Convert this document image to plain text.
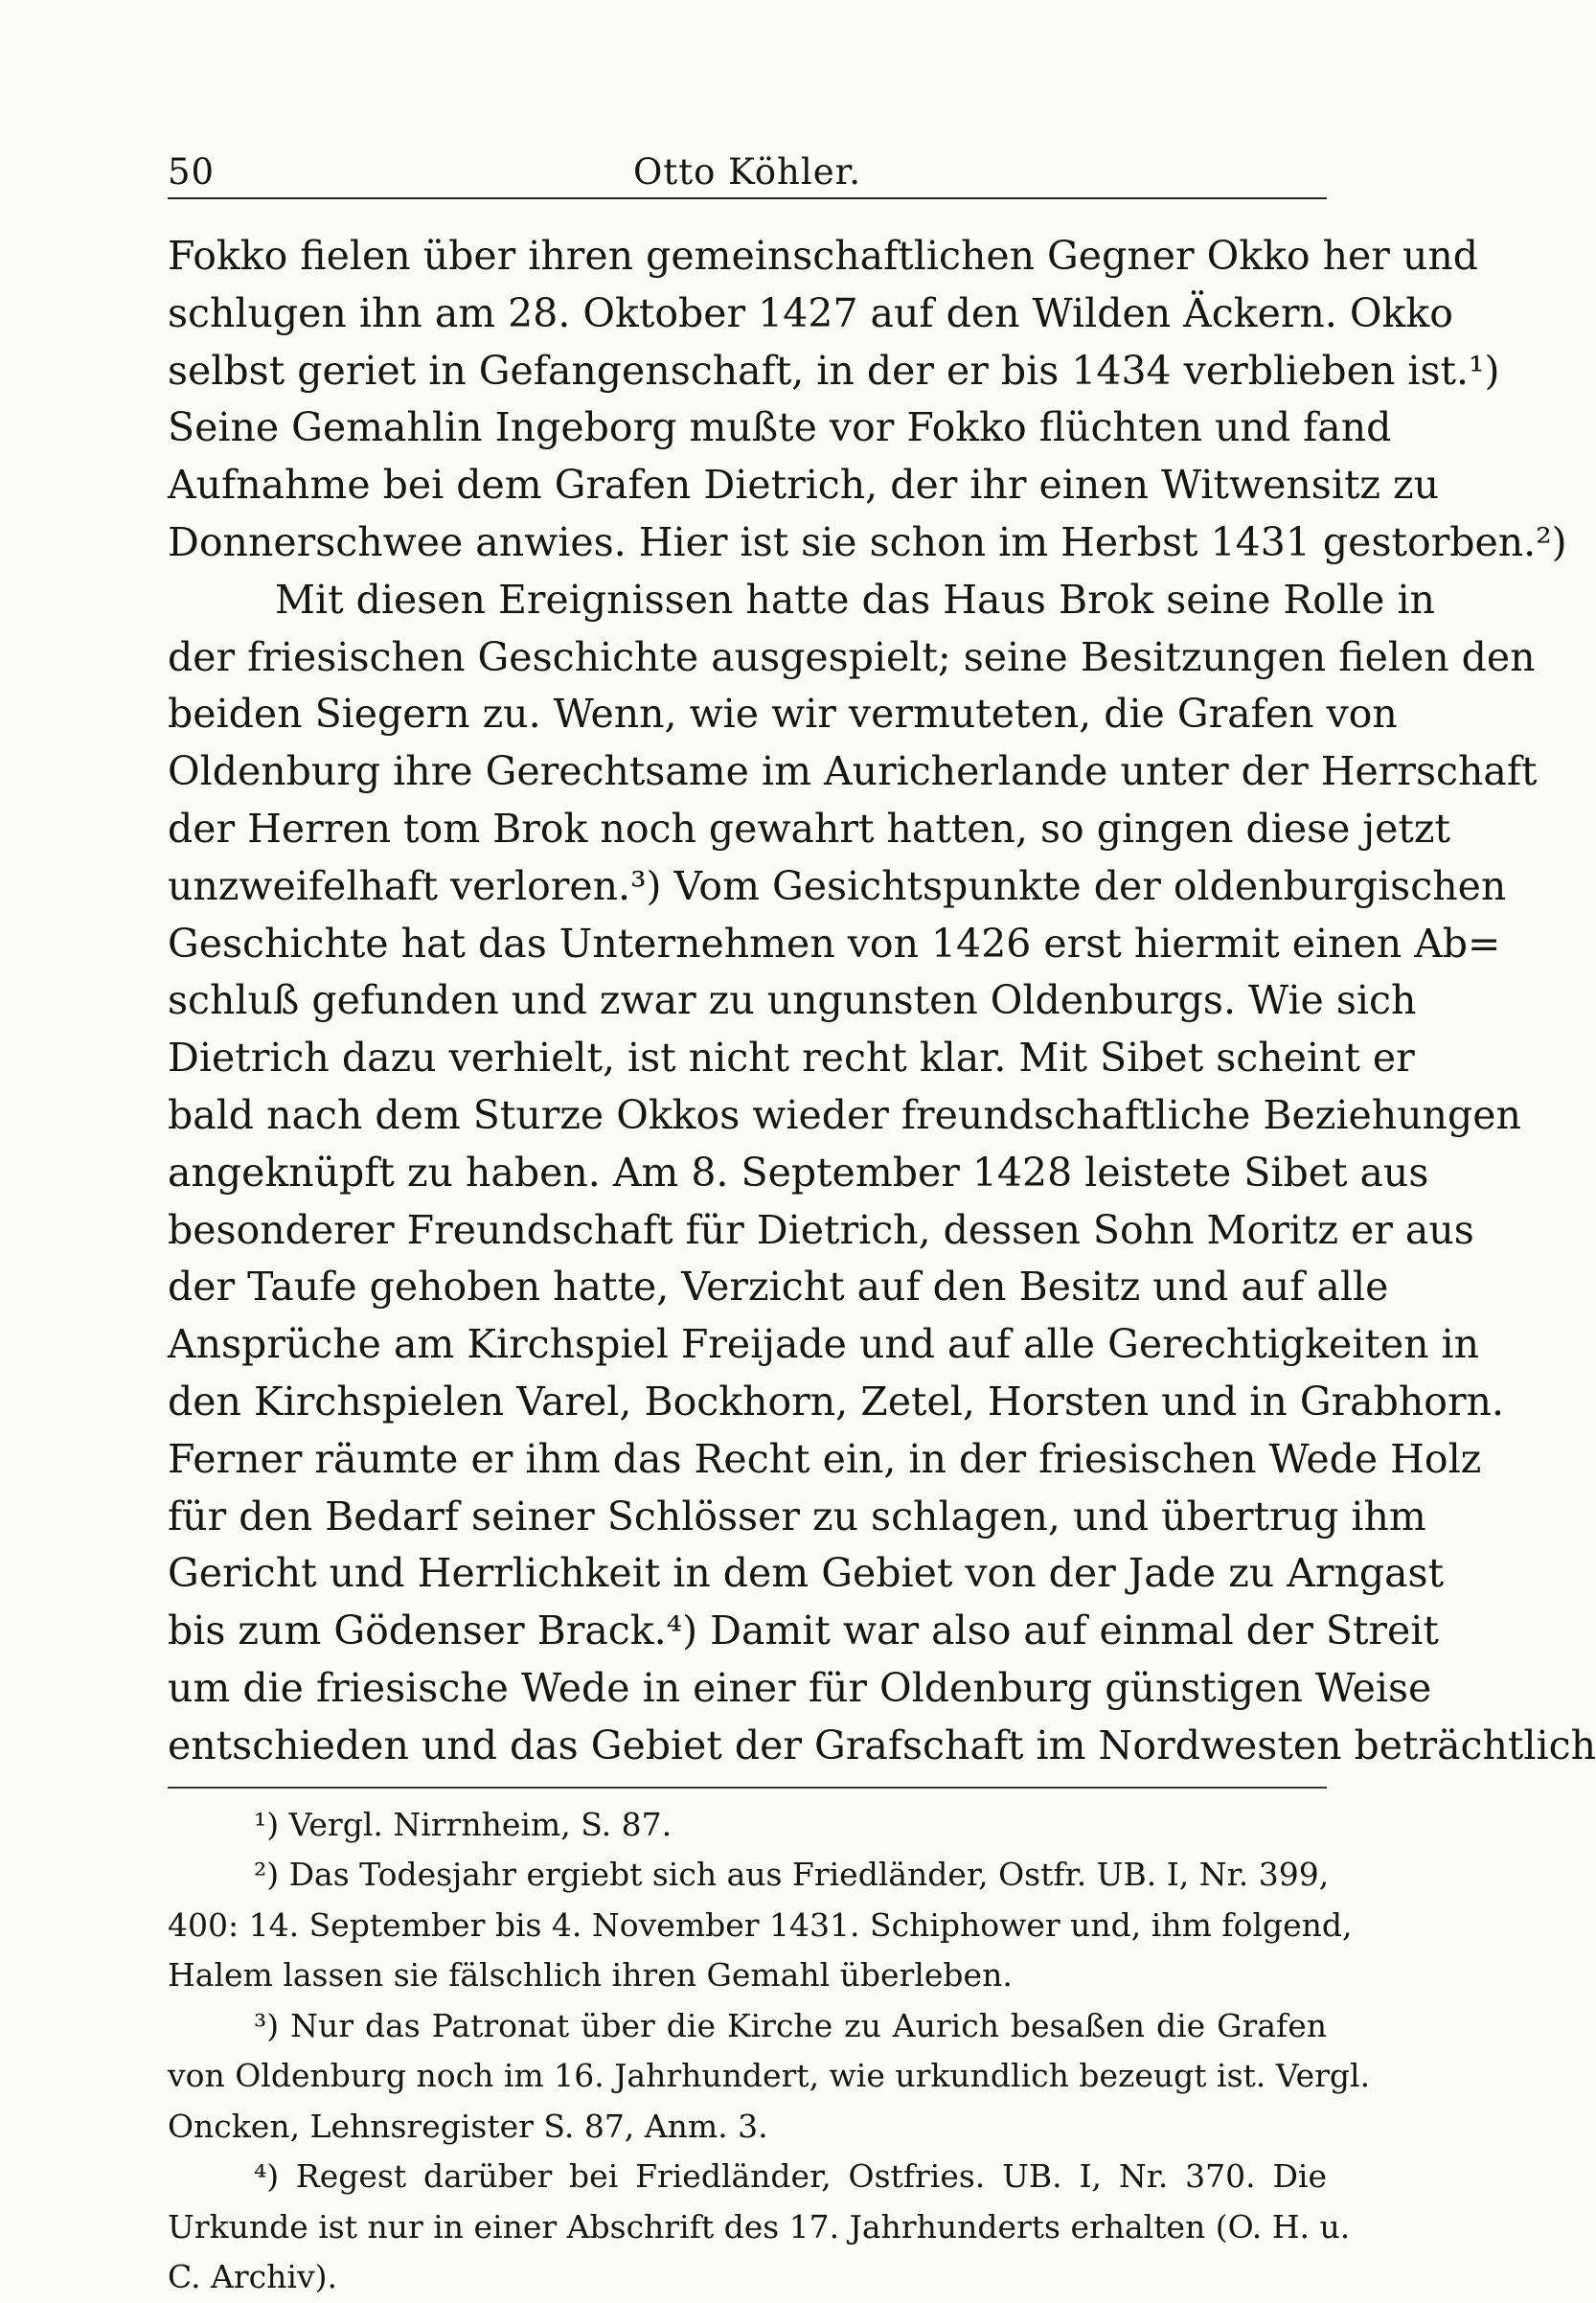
50	Otto Köhler.
Fokko fielen über ihren gemeinschaftlichen Gegner Okko her und
schlugen ihn am 28. Oktober 1427 auf den Wilden Äckern. Okko
selbst geriet in Gefangenschaft, in der er bis 1434 verblieben ist.¹)
Seine Gemahlin Ingeborg mußte vor Fokko flüchten und fand
Aufnahme bei dem Grafen Dietrich, der ihr einen Witwensitz zu
Donnerschwee anwies. Hier ist sie schon im Herbst 1431 gestorben.²)
Mit diesen Ereignissen hatte das Haus Brok seine Rolle in
der friesischen Geschichte ausgespielt; seine Besitzungen fielen den
beiden Siegern zu. Wenn, wie wir vermuteten, die Grafen von
Oldenburg ihre Gerechtsame im Auricherlande unter der Herrschaft
der Herren tom Brok noch gewahrt hatten, so gingen diese jetzt
unzweifelhaft verloren.³) Vom Gesichtspunkte der oldenburgischen
Geschichte hat das Unternehmen von 1426 erst hiermit einen Ab=
schluß gefunden und zwar zu ungunsten Oldenburgs. Wie sich
Dietrich dazu verhielt, ist nicht recht klar. Mit Sibet scheint er
bald nach dem Sturze Okkos wieder freundschaftliche Beziehungen
angeknüpft zu haben. Am 8. September 1428 leistete Sibet aus
besonderer Freundschaft für Dietrich, dessen Sohn Moritz er aus
der Taufe gehoben hatte, Verzicht auf den Besitz und auf alle
Ansprüche am Kirchspiel Freijade und auf alle Gerechtigkeiten in
den Kirchspielen Varel, Bockhorn, Zetel, Horsten und in Grabhorn.
Ferner räumte er ihm das Recht ein, in der friesischen Wede Holz
für den Bedarf seiner Schlösser zu schlagen, und übertrug ihm
Gericht und Herrlichkeit in dem Gebiet von der Jade zu Arngast
bis zum Gödenser Brack.⁴) Damit war also auf einmal der Streit
um die friesische Wede in einer für Oldenburg günstigen Weise
entschieden und das Gebiet der Grafschaft im Nordwesten beträchtlich
¹) Vergl. Nirrnheim, S. 87.
²) Das Todesjahr ergiebt sich aus Friedländer, Ostfr. UB. I, Nr. 399,
400: 14. September bis 4. November 1431. Schiphower und, ihm folgend,
Halem lassen sie fälschlich ihren Gemahl überleben.
³) Nur das Patronat über die Kirche zu Aurich besaßen die Grafen
von Oldenburg noch im 16. Jahrhundert, wie urkundlich bezeugt ist. Vergl.
Oncken, Lehnsregister S. 87, Anm. 3.
⁴) Regest darüber bei Friedländer, Ostfries. UB. I, Nr. 370. Die
Urkunde ist nur in einer Abschrift des 17. Jahrhunderts erhalten (O. H. u.
C. Archiv).
